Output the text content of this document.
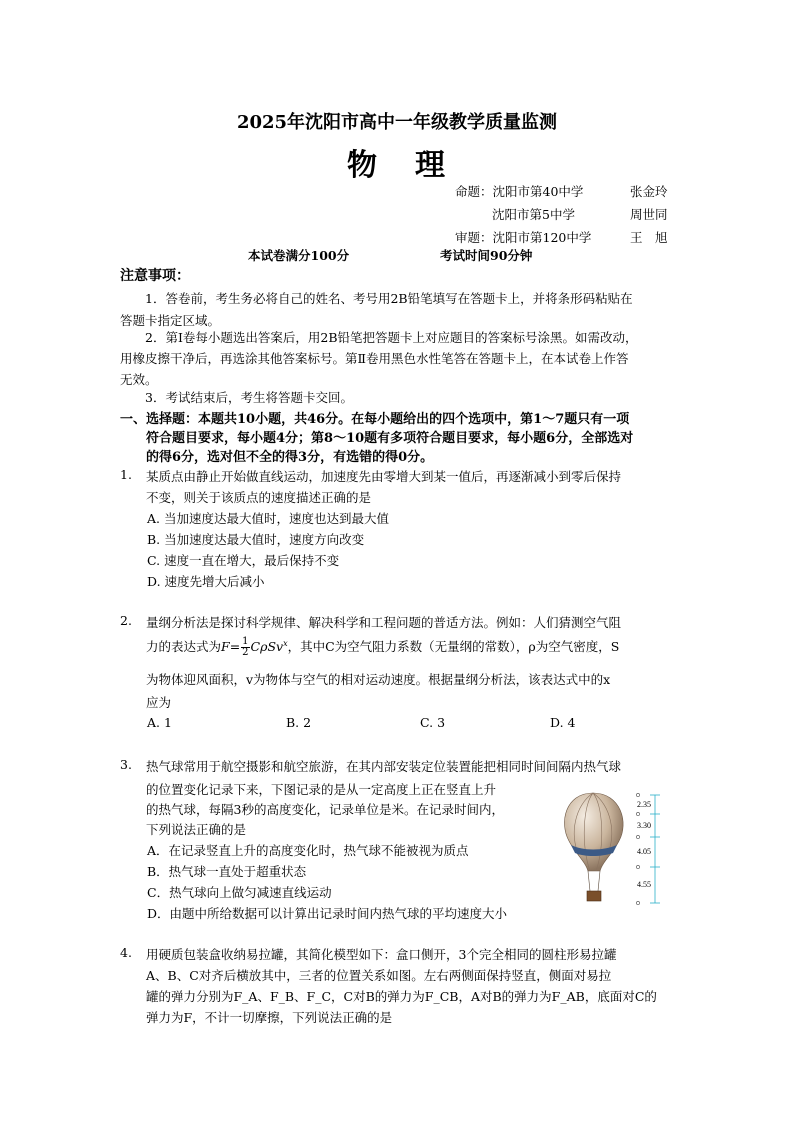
2025年沈阳市高中一年级教学质量监测
物 理
命题：沈阳市第40中学	张金玲
沈阳市第5中学	周世同
审题：沈阳市第120中学	王　旭
本试卷满分100分	考试时间90分钟
注意事项：
1．答卷前，考生务必将自己的姓名、考号用2B铅笔填写在答题卡上，并将条形码粘贴在
答题卡指定区域。
2．第Ⅰ卷每小题选出答案后，用2B铅笔把答题卡上对应题目的答案标号涂黑。如需改动，
用橡皮擦干净后，再选涂其他答案标号。第Ⅱ卷用黑色水性笔答在答题卡上，在本试卷上作答
无效。
3．考试结束后，考生将答题卡交回。
一、选择题：本题共10小题，共46分。在每小题给出的四个选项中，第1～7题只有一项
符合题目要求，每小题4分；第8～10题有多项符合题目要求，每小题6分，全部选对
的得6分，选对但不全的得3分，有选错的得0分。
1. 某质点由静止开始做直线运动，加速度先由零增大到某一值后，再逐渐减小到零后保持
不变，则关于该质点的速度描述正确的是
A. 当加速度达最大值时，速度也达到最大值
B. 当加速度达最大值时，速度方向改变
C. 速度一直在增大，最后保持不变
D. 速度先增大后减小
2. 量纲分析法是探讨科学规律、解决科学和工程问题的普适方法。例如：人们猜测空气阻
力的表达式为$F= \frac{1}{2} C\rho Sv^x$，其中C为空气阻力系数（无量纲的常数），ρ为空气密度，S
为物体迎风面积，v为物体与空气的相对运动速度。根据量纲分析法，该表达式中的x
应为
A. 1	B. 2	C. 3	D. 4
3. 热气球常用于航空摄影和航空旅游，在其内部安装定位装置能把相同时间间隔内热气球
的位置变化记录下来，下图记录的是从一定高度上正在竖直上升
的热气球，每隔3秒的高度变化，记录单位是米。在记录时间内，
下列说法正确的是
A．在记录竖直上升的高度变化时，热气球不能被视为质点
B．热气球一直处于超重状态
C．热气球向上做匀减速直线运动
D．由题中所给数据可以计算出记录时间内热气球的平均速度大小
2.35
3.30
4.05
4.55
4. 用硬质包装盒收纳易拉罐，其简化模型如下：盒口侧开，3个完全相同的圆柱形易拉罐
A、B、C对齐后横放其中，三者的位置关系如图。左右两侧面保持竖直，侧面对易拉
罐的弹力分别为F_A、F_B、F_C，C对B的弹力为F_CB，A对B的弹力为F_AB，底面对C的
弹力为F，不计一切摩擦，下列说法正确的是
